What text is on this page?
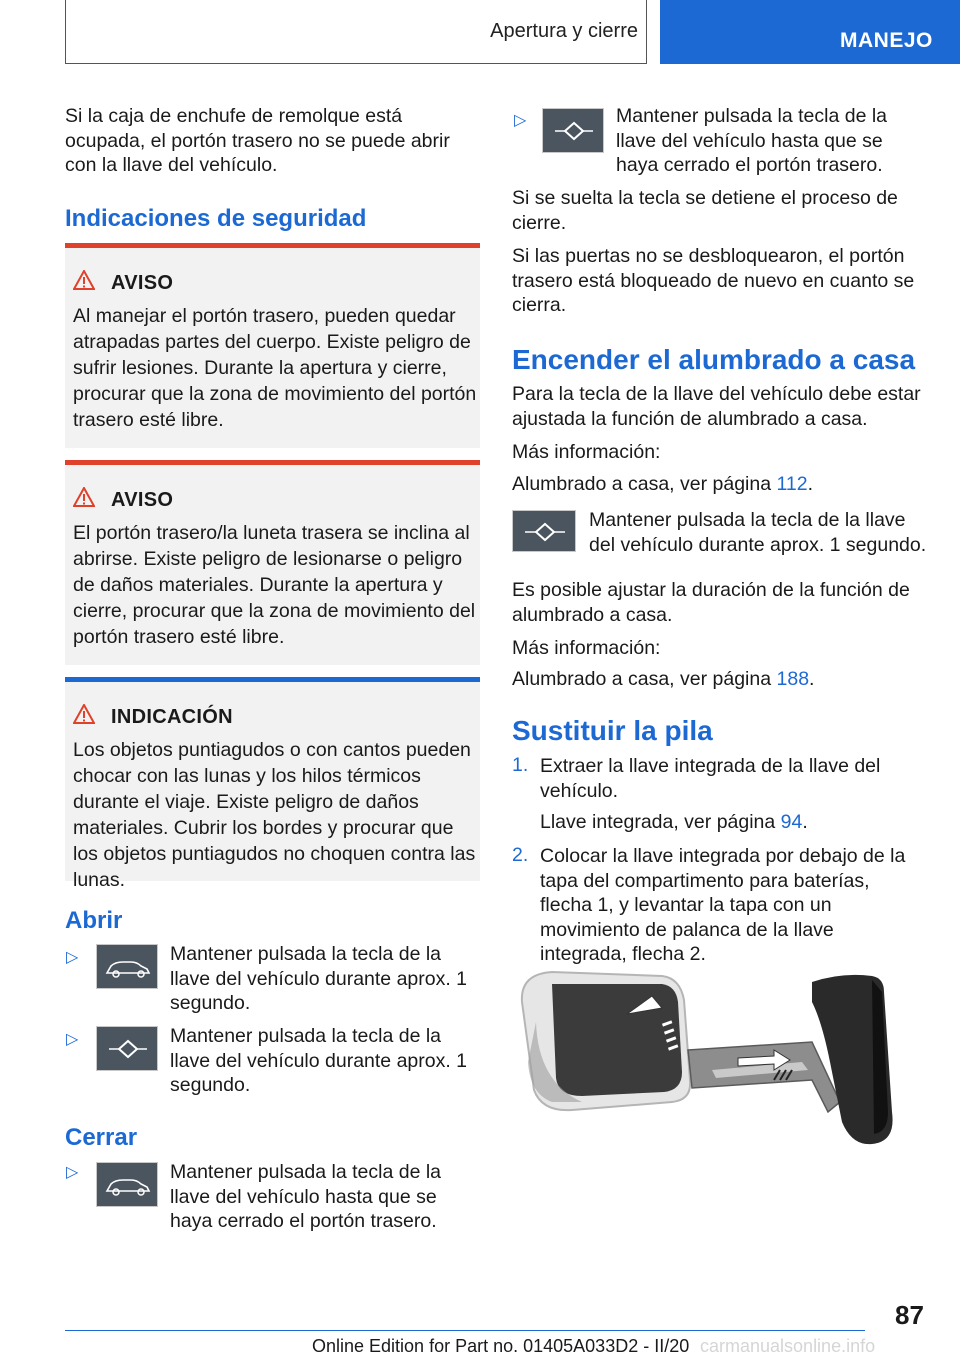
Apertura y cierre	MANEJO

Si la caja de enchufe de remolque está ocupada, el portón trasero no se puede abrir con la llave del vehículo.

Indicaciones de seguridad
AVISO
Al manejar el portón trasero, pueden quedar atrapadas partes del cuerpo. Existe peligro de sufrir lesiones. Durante la apertura y cierre, procurar que la zona de movimiento del portón trasero esté libre.
AVISO
El portón trasero/la luneta trasera se inclina al abrirse. Existe peligro de lesionarse o peligro de daños materiales. Durante la apertura y cierre, procurar que la zona de movimiento del portón trasero esté libre.
INDICACIÓN
Los objetos puntiagudos o con cantos pueden chocar con las lunas y los hilos térmicos durante el viaje. Existe peligro de daños materiales. Cubrir los bordes y procurar que los objetos puntiagudos no choquen contra las lunas.
Abrir
▷	Mantener pulsada la tecla de la llave del vehículo durante aprox. 1 segundo.

▷	Mantener pulsada la tecla de la llave del vehículo durante aprox. 1 segundo.

Cerrar
▷	Mantener pulsada la tecla de la llave del vehículo hasta que se haya cerrado el portón trasero.

▷	Mantener pulsada la tecla de la llave del vehículo hasta que se haya cerrado el portón trasero.

Si se suelta la tecla se detiene el proceso de cierre.

Si las puertas no se desbloquearon, el portón trasero está bloqueado de nuevo en cuanto se cierra.

Encender el alumbrado a casa

Para la tecla de la llave del vehículo debe estar ajustada la función de alumbrado a casa.

Más información:

Alumbrado a casa, ver página 112.

Mantener pulsada la tecla de la llave del vehículo durante aprox. 1 segundo.

Es posible ajustar la duración de la función de alumbrado a casa.

Más información:

Alumbrado a casa, ver página 188.

Sustituir la pila
1. Extraer la llave integrada de la llave del vehículo.

Llave integrada, ver página 94.

2. Colocar la llave integrada por debajo de la tapa del compartimento para baterías, flecha 1, y levantar la tapa con un movimiento de palanca de la llave integrada, flecha 2.

87
Online Edition for Part no. 01405A033D2 - II/20 carmanualsonline.info
